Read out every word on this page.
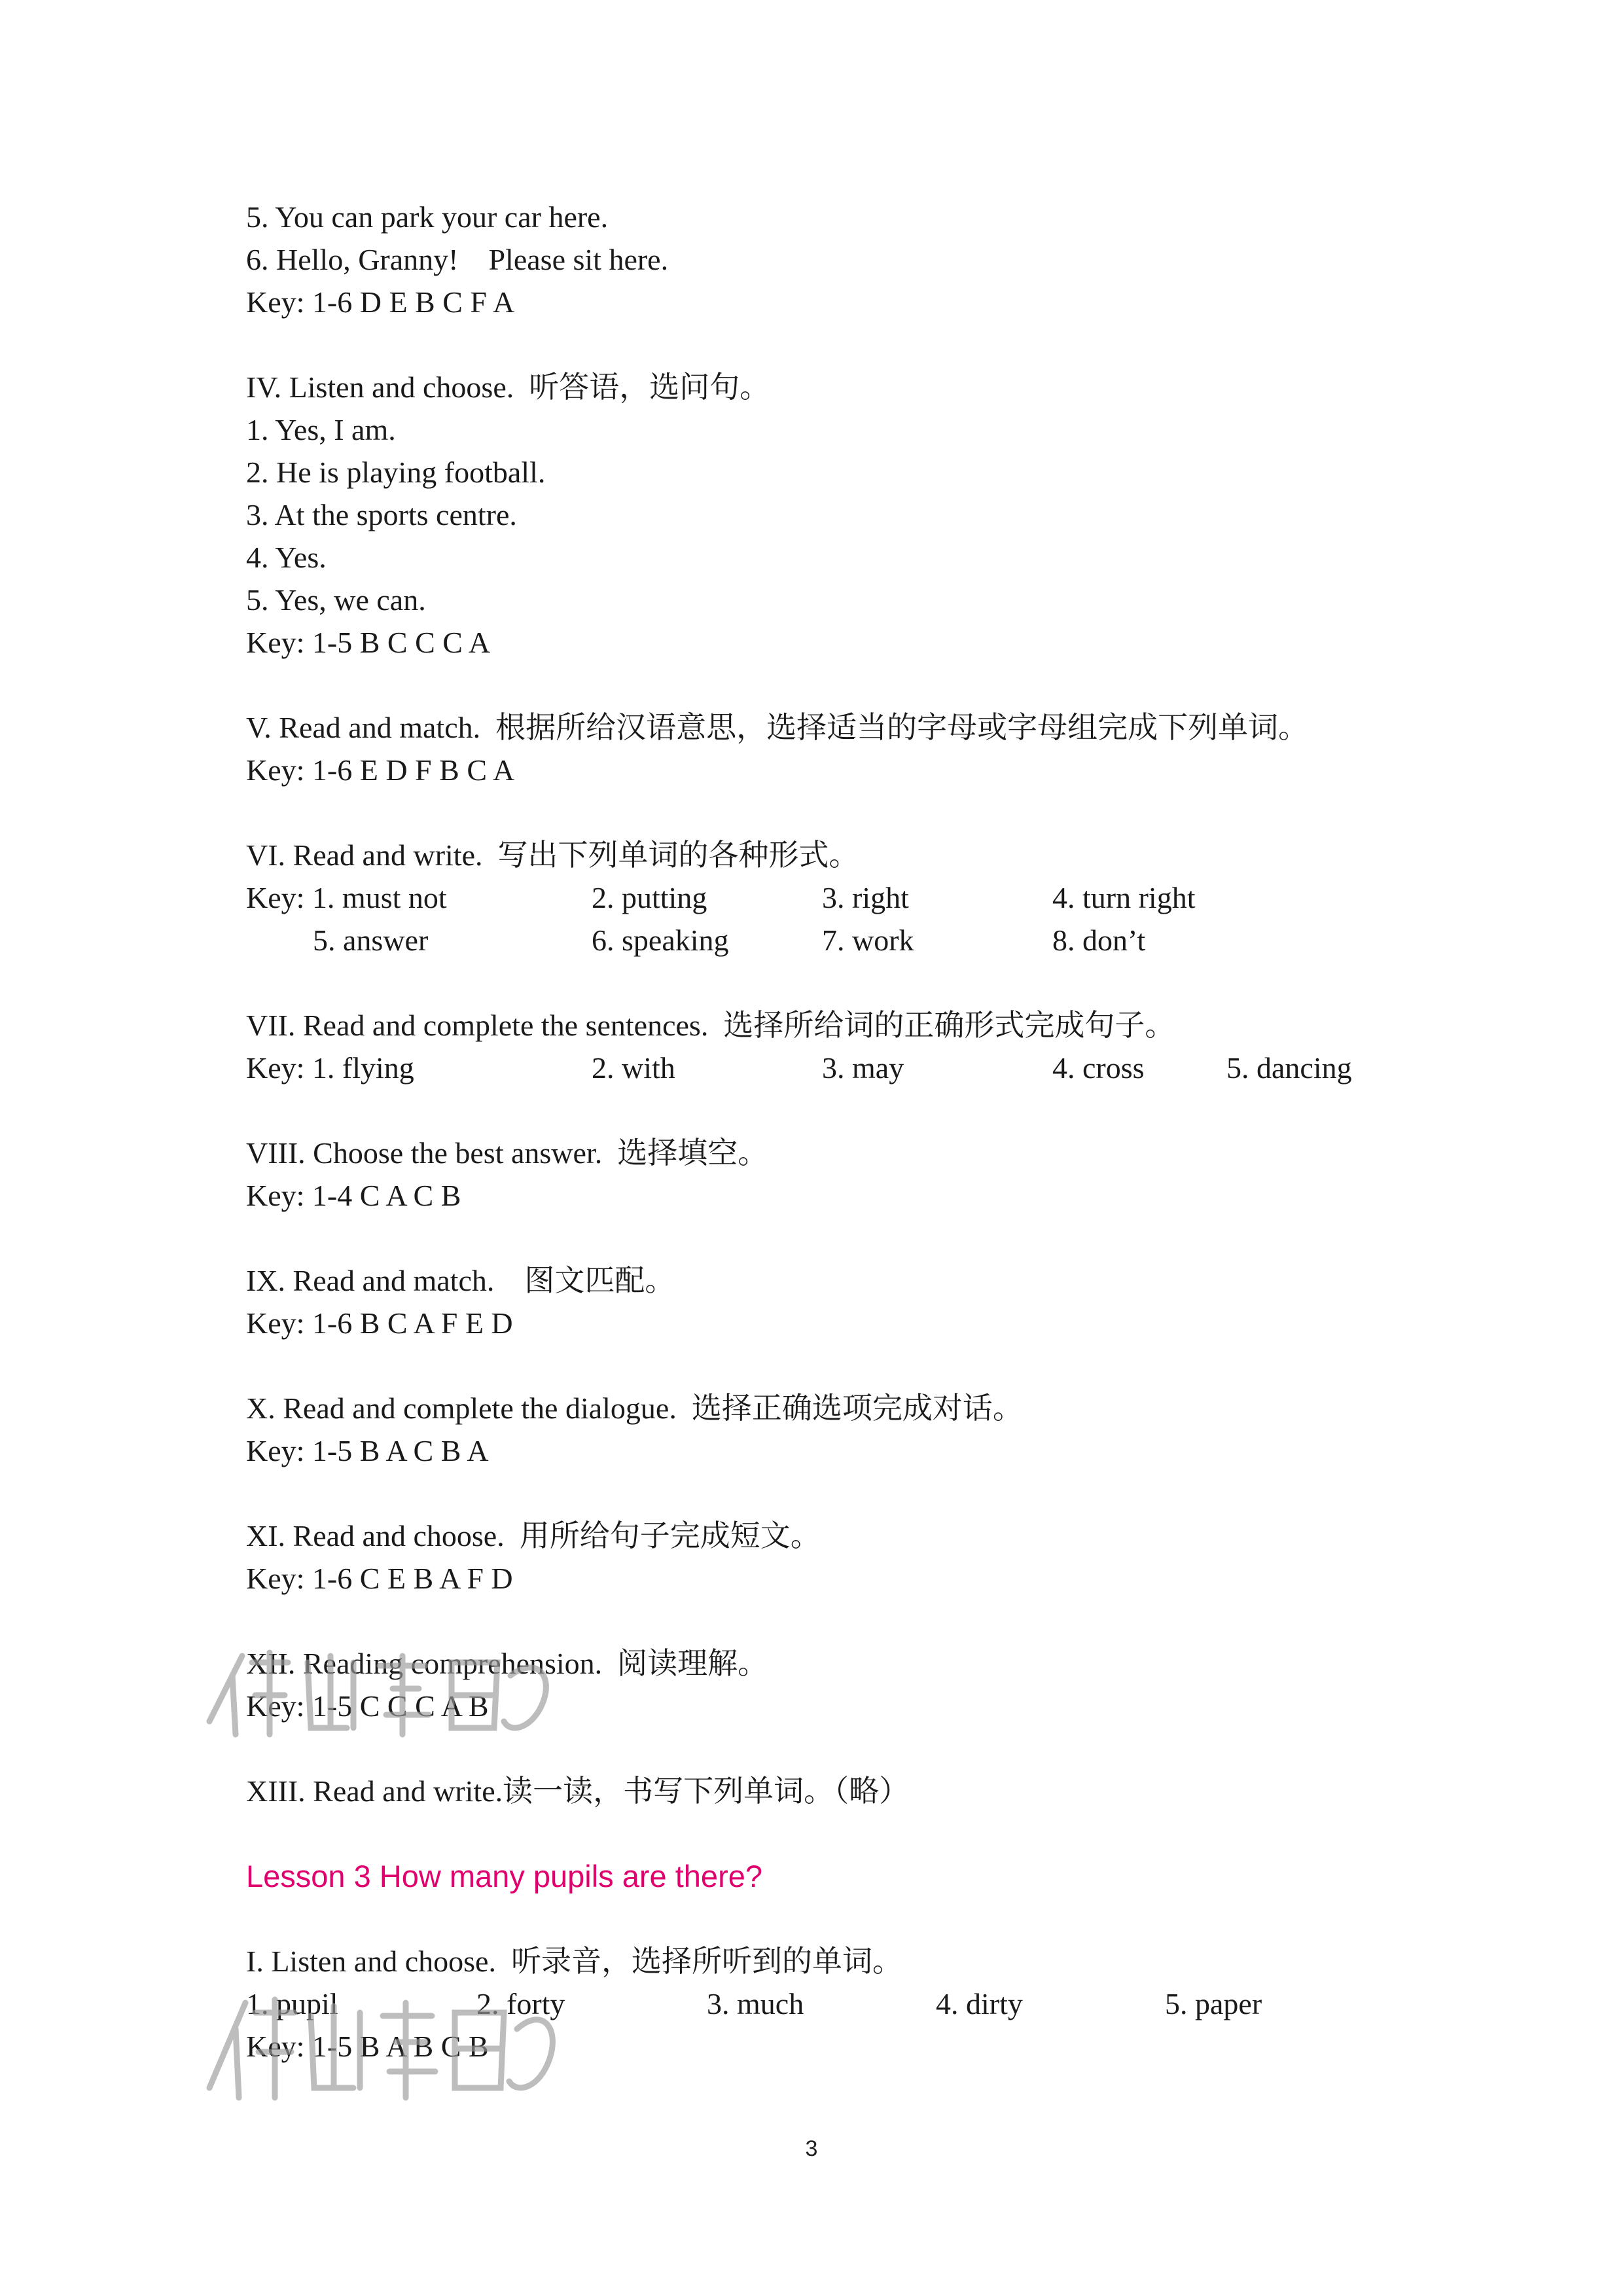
5. You can park your car here.
6. Hello, Granny!    Please sit here.
Key: 1-6 D E B C F A
IV. Listen and choose.  听答语，选问句。
1. Yes, I am.
2. He is playing football.
3. At the sports centre.
4. Yes.
5. Yes, we can.
Key: 1-5 B C C C A
V. Read and match.  根据所给汉语意思，选择适当的字母或字母组完成下列单词。
Key: 1-6 E D F B C A
VI. Read and write.  写出下列单词的各种形式。
Key: 1. must not	2. putting	3. right	4. turn right
5. answer	6. speaking	7. work	8. don’t
VII. Read and complete the sentences.  选择所给词的正确形式完成句子。
Key: 1. flying	2. with	3. may	4. cross	5. dancing
VIII. Choose the best answer.  选择填空。
Key: 1-4 C A C B
IX. Read and match.    图文匹配。
Key: 1-6 B C A F E D
X. Read and complete the dialogue.  选择正确选项完成对话。
Key: 1-5 B A C B A
XI. Read and choose.  用所给句子完成短文。
Key: 1-6 C E B A F D
XII. Reading comprehension.  阅读理解。
Key: 1-5 C C C A B
XIII. Read and write.读一读，书写下列单词。（略）
Lesson 3 How many pupils are there?
I. Listen and choose.  听录音，选择所听到的单词。
1. pupil	2. forty	3. much	4. dirty	5. paper
Key: 1-5 B A B C B
3
